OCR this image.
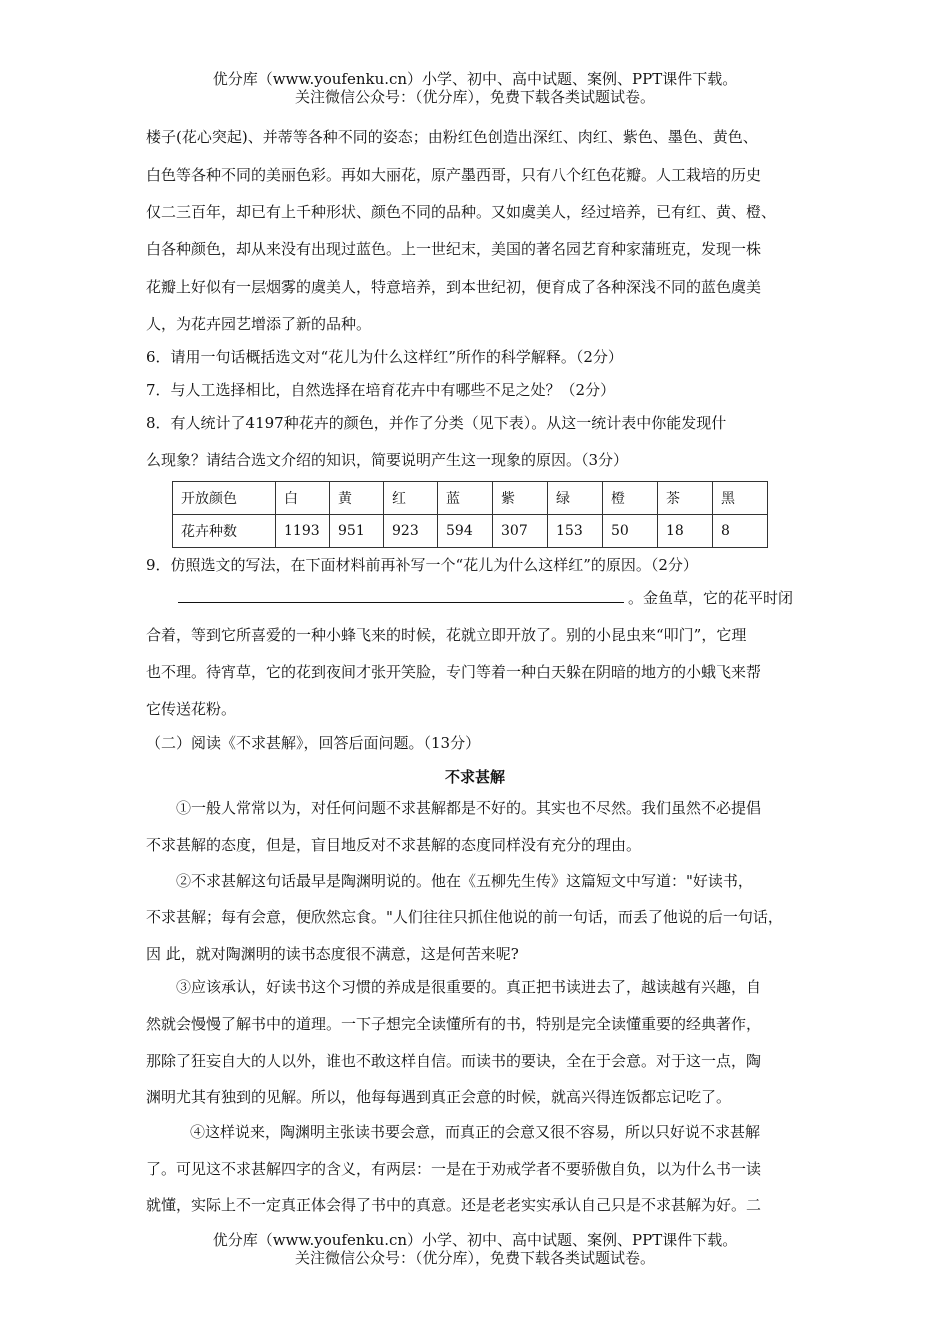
优分库（www.youfenku.cn）小学、初中、高中试题、案例、PPT课件下载。
关注微信公众号：（优分库），免费下载各类试题试卷。
楼子(花心突起)、并蒂等各种不同的姿态；由粉红色创造出深红、肉红、紫色、墨色、黄色、
白色等各种不同的美丽色彩。再如大丽花，原产墨西哥，只有八个红色花瓣。人工栽培的历史
仅二三百年，却已有上千种形状、颜色不同的品种。又如虞美人，经过培养，已有红、黄、橙、
白各种颜色，却从来没有出现过蓝色。上一世纪末，美国的著名园艺育种家蒲班克，发现一株
花瓣上好似有一层烟雾的虞美人，特意培养，到本世纪初，便育成了各种深浅不同的蓝色虞美
人，为花卉园艺增添了新的品种。
6．请用一句话概括选文对“花儿为什么这样红”所作的科学解释。（2分）
7．与人工选择相比，自然选择在培育花卉中有哪些不足之处？（2分）
8．有人统计了4197种花卉的颜色，并作了分类（见下表）。从这一统计表中你能发现什
么现象？请结合选文介绍的知识，简要说明产生这一现象的原因。（3分）
开放颜色	白	黄	红	蓝	紫	绿	橙	茶	黑
花卉种数	1193	951	923	594	307	153	50	18	8
9．仿照选文的写法，在下面材料前再补写一个“花儿为什么这样红”的原因。（2分）
。金鱼草，它的花平时闭
合着，等到它所喜爱的一种小蜂飞来的时候，花就立即开放了。别的小昆虫来“叩门”，它理
也不理。待宵草，它的花到夜间才张开笑脸，专门等着一种白天躲在阴暗的地方的小蛾飞来帮
它传送花粉。
（二）阅读《不求甚解》，回答后面问题。（13分）
不求甚解
①一般人常常以为，对任何问题不求甚解都是不好的。其实也不尽然。我们虽然不必提倡
不求甚解的态度，但是，盲目地反对不求甚解的态度同样没有充分的理由。
②不求甚解这句话最早是陶渊明说的。他在《五柳先生传》这篇短文中写道："好读书，
不求甚解；每有会意，便欣然忘食。"人们往往只抓住他说的前一句话，而丢了他说的后一句话，
因 此，就对陶渊明的读书态度很不满意，这是何苦来呢?
③应该承认，好读书这个习惯的养成是很重要的。真正把书读进去了，越读越有兴趣，自
然就会慢慢了解书中的道理。一下子想完全读懂所有的书，特别是完全读懂重要的经典著作，
那除了狂妄自大的人以外，谁也不敢这样自信。而读书的要诀，全在于会意。对于这一点，陶
渊明尤其有独到的见解。所以，他每每遇到真正会意的时候，就高兴得连饭都忘记吃了。
④这样说来，陶渊明主张读书要会意，而真正的会意又很不容易，所以只好说不求甚解
了。可见这不求甚解四字的含义，有两层：一是在于劝戒学者不要骄傲自负，以为什么书一读
就懂，实际上不一定真正体会得了书中的真意。还是老老实实承认自己只是不求甚解为好。二
优分库（www.youfenku.cn）小学、初中、高中试题、案例、PPT课件下载。
关注微信公众号：（优分库），免费下载各类试题试卷。
